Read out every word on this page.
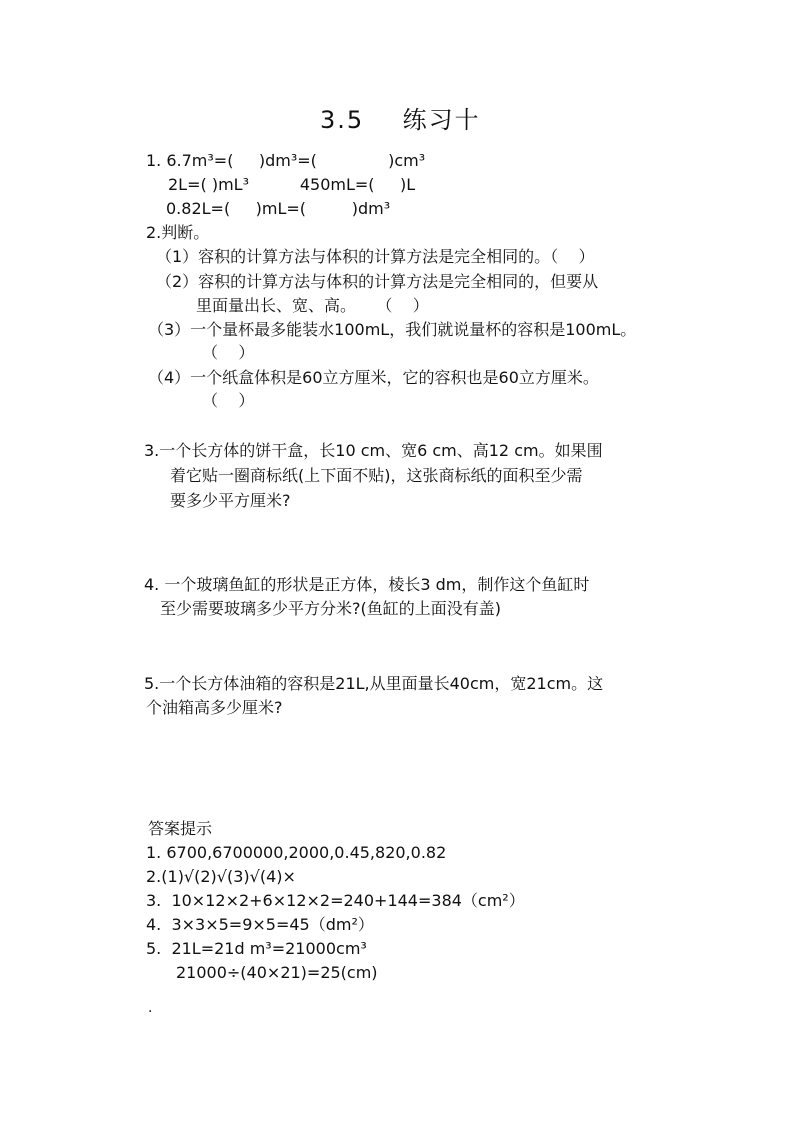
3.5    练习十
1. 6.7m³=(     )dm³=(              )cm³
2L=( )mL³          450mL=(     )L
0.82L=(     )mL=(         )dm³
2.判断。
（1）容积的计算方法与体积的计算方法是完全相同的。（    ）
（2）容积的计算方法与体积的计算方法是完全相同的，但要从
里面量出长、宽、高。    （    ）
（3）一个量杯最多能装水100mL，我们就说量杯的容积是100mL。
（    ）
（4）一个纸盒体积是60立方厘米，它的容积也是60立方厘米。
（    ）
3.一个长方体的饼干盒，长10 cm、宽6 cm、高12 cm。如果围
着它贴一圈商标纸(上下面不贴)，这张商标纸的面积至少需
要多少平方厘米?
4. 一个玻璃鱼缸的形状是正方体，棱长3 dm，制作这个鱼缸时
至少需要玻璃多少平方分米?(鱼缸的上面没有盖)
5.一个长方体油箱的容积是21L,从里面量长40cm，宽21cm。这
个油箱高多少厘米?
答案提示
1. 6700,6700000,2000,0.45,820,0.82
2.(1)√(2)√(3)√(4)×
3.  10×12×2+6×12×2=240+144=384（cm²）
4.  3×3×5=9×5=45（dm²）
5.  21L=21d m³=21000cm³
21000÷(40×21)=25(cm)
.
